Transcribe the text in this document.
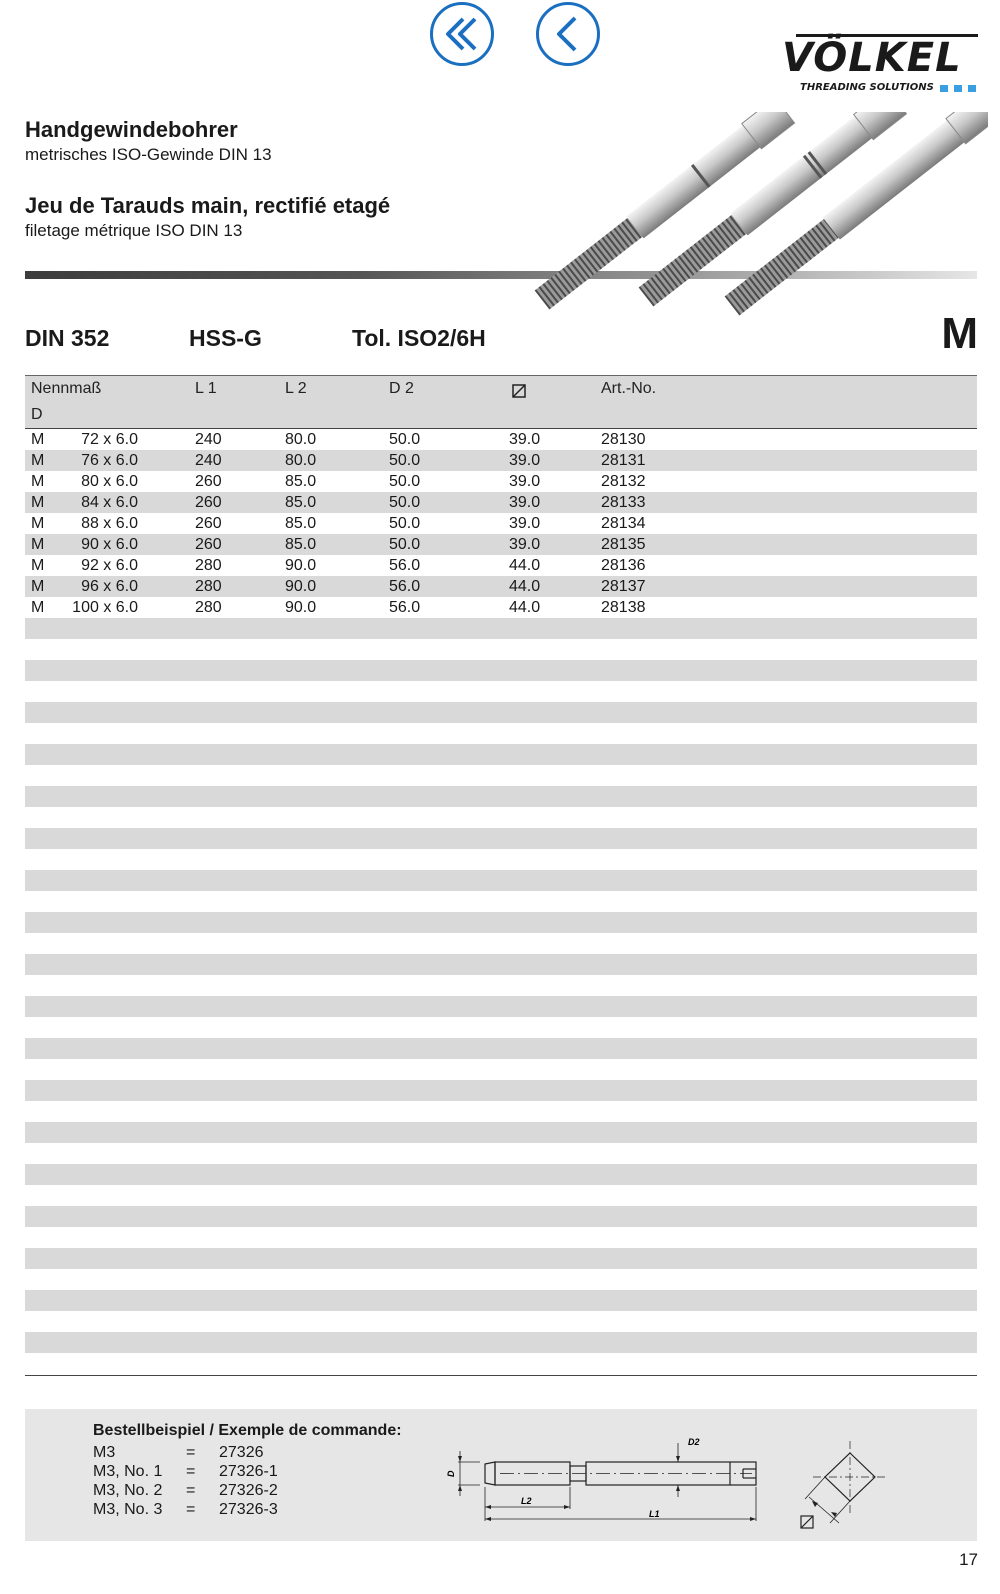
VÖLKEL
THREADING SOLUTIONS
Handgewindebohrer
metrisches ISO-Gewinde DIN 13
Jeu de Tarauds main, rectifié etagé
filetage métrique ISO DIN 13
DIN 352	HSS-G	Tol. ISO2/6H	M
Nennmaß
D
L 1	L 2	D 2	Art.-No.
M	72 x 6.0	240	80.0	50.0	39.0	28130
M	76 x 6.0	240	80.0	50.0	39.0	28131
M	80 x 6.0	260	85.0	50.0	39.0	28132
M	84 x 6.0	260	85.0	50.0	39.0	28133
M	88 x 6.0	260	85.0	50.0	39.0	28134
M	90 x 6.0	260	85.0	50.0	39.0	28135
M	92 x 6.0	280	90.0	56.0	44.0	28136
M	96 x 6.0	280	90.0	56.0	44.0	28137
M 100 x 6.0	280	90.0	56.0	44.0	28138
Bestellbeispiel / Exemple de commande:
M3	= 27326
M3, No. 1 = 27326-1
M3, No. 2 = 27326-2
M3, No. 3 = 27326-3
D2
D
L2
L1
17
